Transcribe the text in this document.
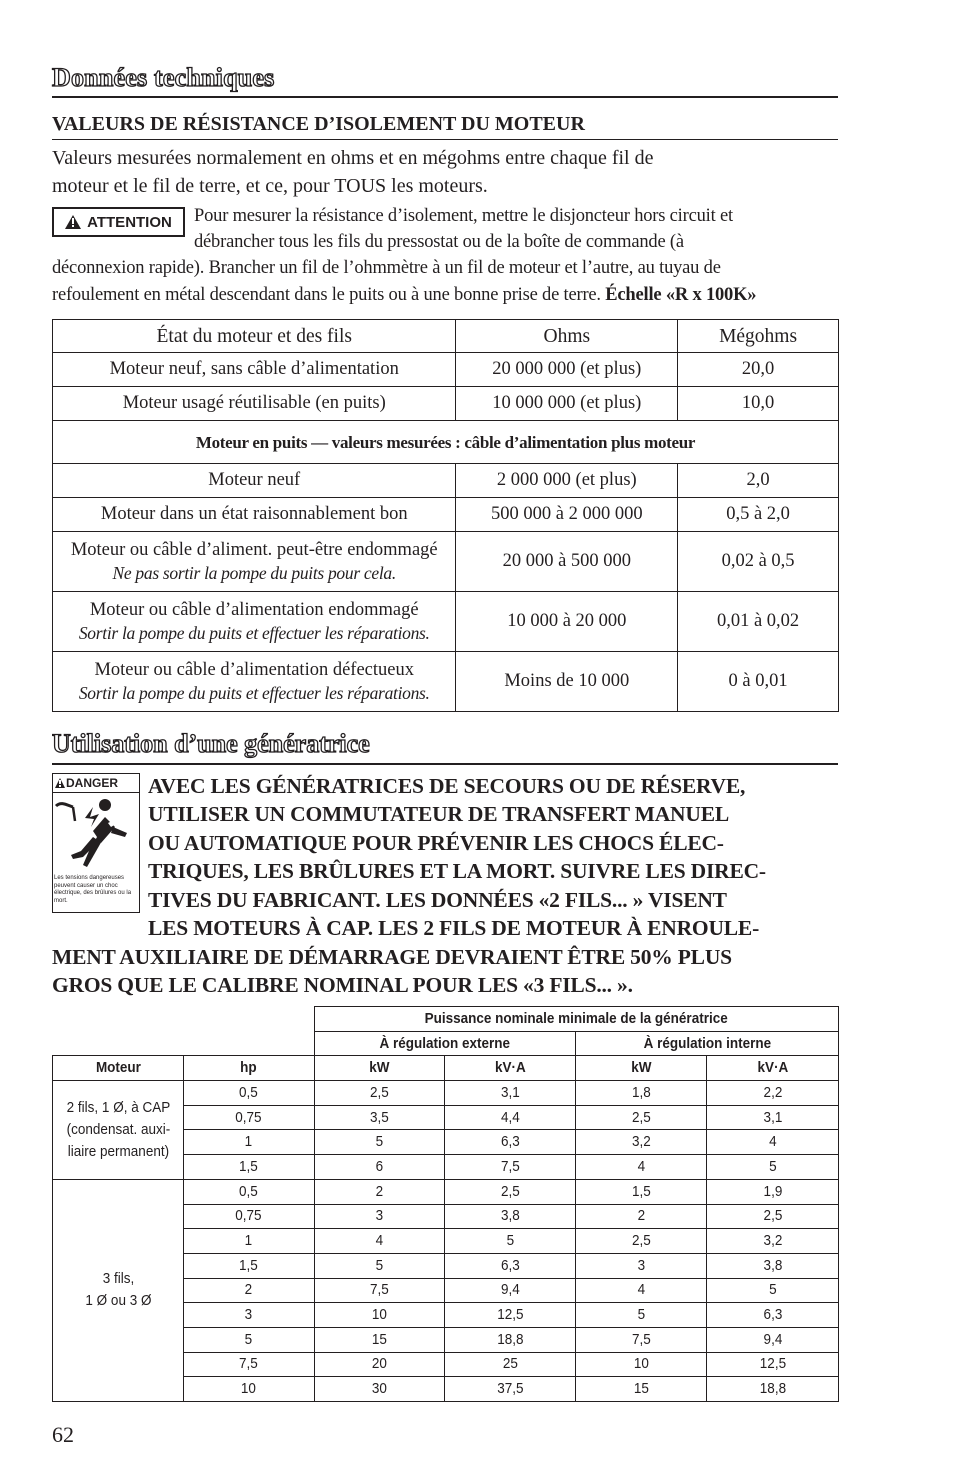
Données techniques
VALEURS DE RÉSISTANCE D’ISOLEMENT DU MOTEUR
Valeurs mesurées normalement en ohms et en mégohms entre chaque fil de
moteur et le fil de terre, et ce, pour TOUS les moteurs.
ATTENTION Pour mesurer la résistance d’isolement, mettre le disjoncteur hors circuit et
débrancher tous les fils du pressostat ou de la boîte de commande (à
déconnexion rapide). Brancher un fil de l’ohmmètre à un fil de moteur et l’autre, au tuyau de
refoulement en métal descendant dans le puits ou à une bonne prise de terre. Échelle «R x 100K»
État du moteur et des fils	Ohms	Mégohms
Moteur neuf, sans câble d’alimentation	20 000 000 (et plus)	20,0
Moteur usagé réutilisable (en puits)	10 000 000 (et plus)	10,0
Moteur en puits — valeurs mesurées : câble d’alimentation plus moteur		
Moteur neuf	2 000 000 (et plus)	2,0
Moteur dans un état raisonnablement bon	500 000 à 2 000 000	0,5 à 2,0

Moteur ou câble d’aliment. peut-être endommagé
Ne pas sortir la pompe du puits pour cela.	20 000 à 500 000	0,02 à 0,5

Moteur ou câble d’alimentation endommagé
Sortir la pompe du puits et effectuer les réparations.	10 000 à 20 000	0,01 à 0,02

Moteur ou câble d’alimentation défectueux
Sortir la pompe du puits et effectuer les réparations.	Moins de 10 000	0 à 0,01
Utilisation d’une génératrice
DANGER
Les tensions dangereuses peuvent causer un choc électrique, des brûlures ou la mort.
AVEC LES GÉNÉRATRICES DE SECOURS OU DE RÉSERVE,
UTILISER UN COMMUTATEUR DE TRANSFERT MANUEL
OU AUTOMATIQUE POUR PRÉVENIR LES CHOCS ÉLEC-
TRIQUES, LES BRÛLURES ET LA MORT. SUIVRE LES DIREC-
TIVES DU FABRICANT. LES DONNÉES «2 FILS... » VISENT
LES MOTEURS À CAP. LES 2 FILS DE MOTEUR À ENROULE-
MENT AUXILIAIRE DE DÉMARRAGE DEVRAIENT ÊTRE 50% PLUS
GROS QUE LE CALIBRE NOMINAL POUR LES «3 FILS... ».
		Puissance nominale minimale de la génératrice			
		À régulation externe		À régulation interne	
Moteur	hp	kW	kV·A	kW	kV·A

2 fils, 1 Ø, à CAP
(condensat. auxi-
liaire permanent)	0,5	2,5	3,1	1,8	2,2
	0,75	3,5	4,4	2,5	3,1
	1	5	6,3	3,2	4
	1,5	6	7,5	4	5

3 fils,
1 Ø ou 3 Ø	0,5	2	2,5	1,5	1,9
	0,75	3	3,8	2	2,5
	1	4	5	2,5	3,2
	1,5	5	6,3	3	3,8
	2	7,5	9,4	4	5
	3	10	12,5	5	6,3
	5	15	18,8	7,5	9,4
	7,5	20	25	10	12,5
	10	30	37,5	15	18,8
62
